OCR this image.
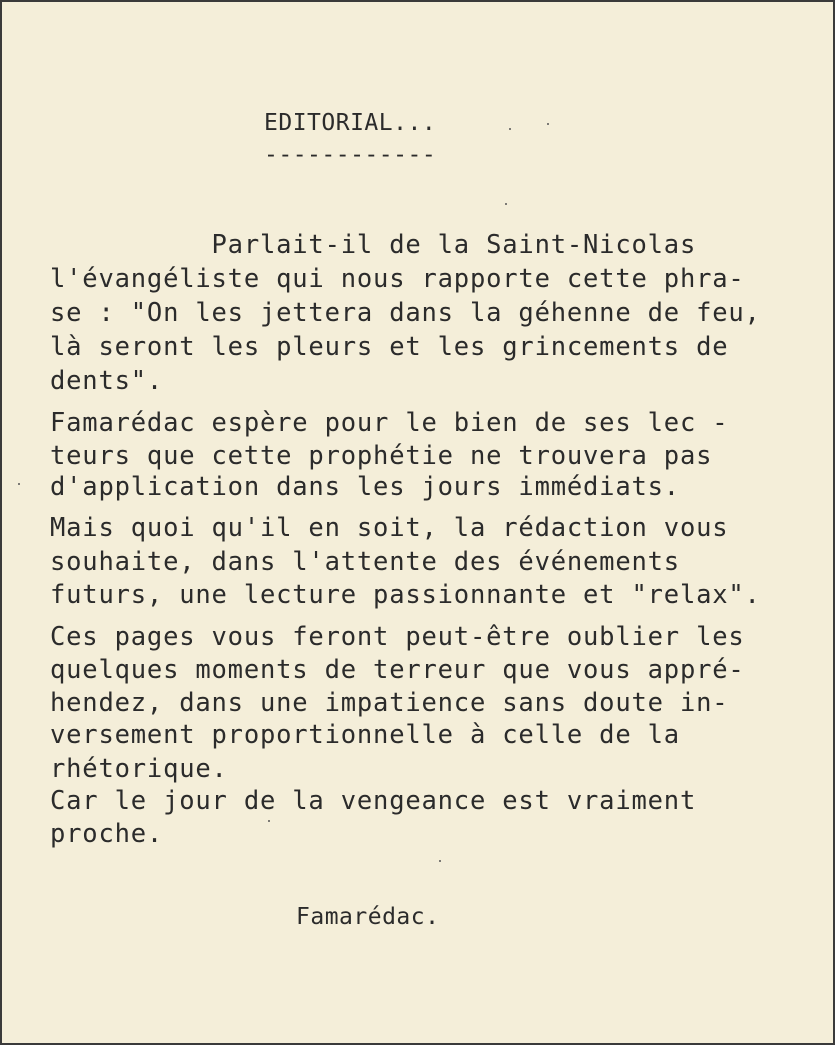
EDITORIAL...
------------
Parlait-il de la Saint-Nicolas
l'évangéliste qui nous rapporte cette phra-
se : "On les jettera dans la géhenne de feu,
là seront les pleurs et les grincements de
dents".
Famarédac espère pour le bien de ses lec -
teurs que cette prophétie ne trouvera pas
d'application dans les jours immédiats.
Mais quoi qu'il en soit, la rédaction vous
souhaite, dans l'attente des événements
futurs, une lecture passionnante et "relax".
Ces pages vous feront peut-être oublier les
quelques moments de terreur que vous appré-
hendez, dans une impatience sans doute in-
versement proportionnelle à celle de la
rhétorique.
Car le jour de la vengeance est vraiment
proche.
Famarédac.
